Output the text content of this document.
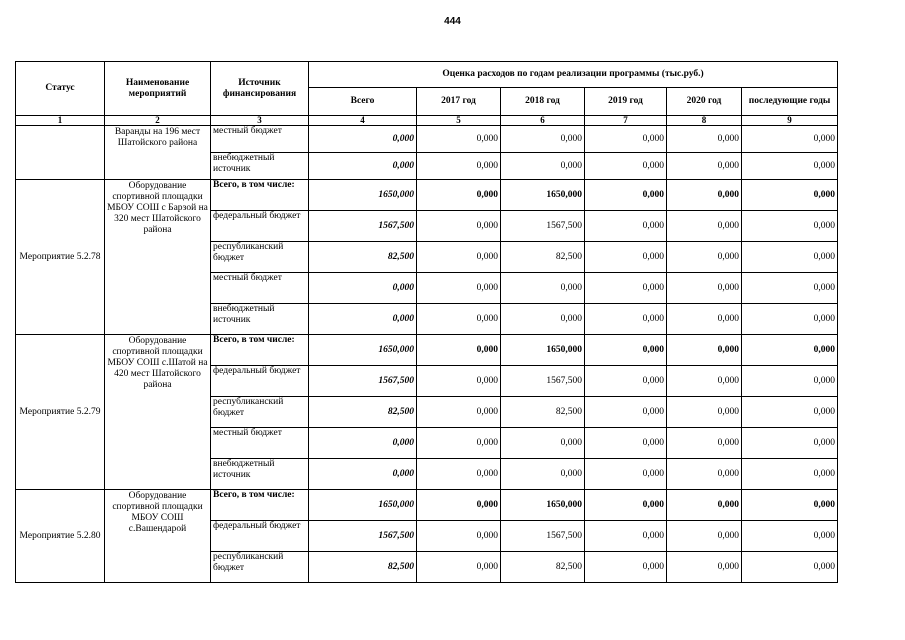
444
Статус	Наименование мероприятий	Источник финансирования	Оценка расходов по годам реализации программы (тыс.руб.)					
			Всего	2017 год	2018 год	2019 год	2020 год	последующие годы
1	2	3	4	5	6	7	8	9
	Варанды на 196 мест Шатойского района	местный бюджет	0,000	0,000	0,000	0,000	0,000	0,000
		внебюджетный источник	0,000	0,000	0,000	0,000	0,000	0,000
Мероприятие 5.2.78	Оборудование спортивной площадки МБОУ СОШ с Барзой на 320 мест Шатойского района	Всего, в том числе:	1650,000	0,000	1650,000	0,000	0,000	0,000
		федеральный бюджет	1567,500	0,000	1567,500	0,000	0,000	0,000
		республиканский бюджет	82,500	0,000	82,500	0,000	0,000	0,000
		местный бюджет	0,000	0,000	0,000	0,000	0,000	0,000
		внебюджетный источник	0,000	0,000	0,000	0,000	0,000	0,000
Мероприятие 5.2.79	Оборудование спортивной площадки МБОУ СОШ с.Шатой на 420 мест Шатойского района	Всего, в том числе:	1650,000	0,000	1650,000	0,000	0,000	0,000
		федеральный бюджет	1567,500	0,000	1567,500	0,000	0,000	0,000
		республиканский бюджет	82,500	0,000	82,500	0,000	0,000	0,000
		местный бюджет	0,000	0,000	0,000	0,000	0,000	0,000
		внебюджетный источник	0,000	0,000	0,000	0,000	0,000	0,000
Мероприятие 5.2.80	Оборудование спортивной площадки МБОУ СОШ с.Вашендарой	Всего, в том числе:	1650,000	0,000	1650,000	0,000	0,000	0,000
		федеральный бюджет	1567,500	0,000	1567,500	0,000	0,000	0,000
		республиканский бюджет	82,500	0,000	82,500	0,000	0,000	0,000
